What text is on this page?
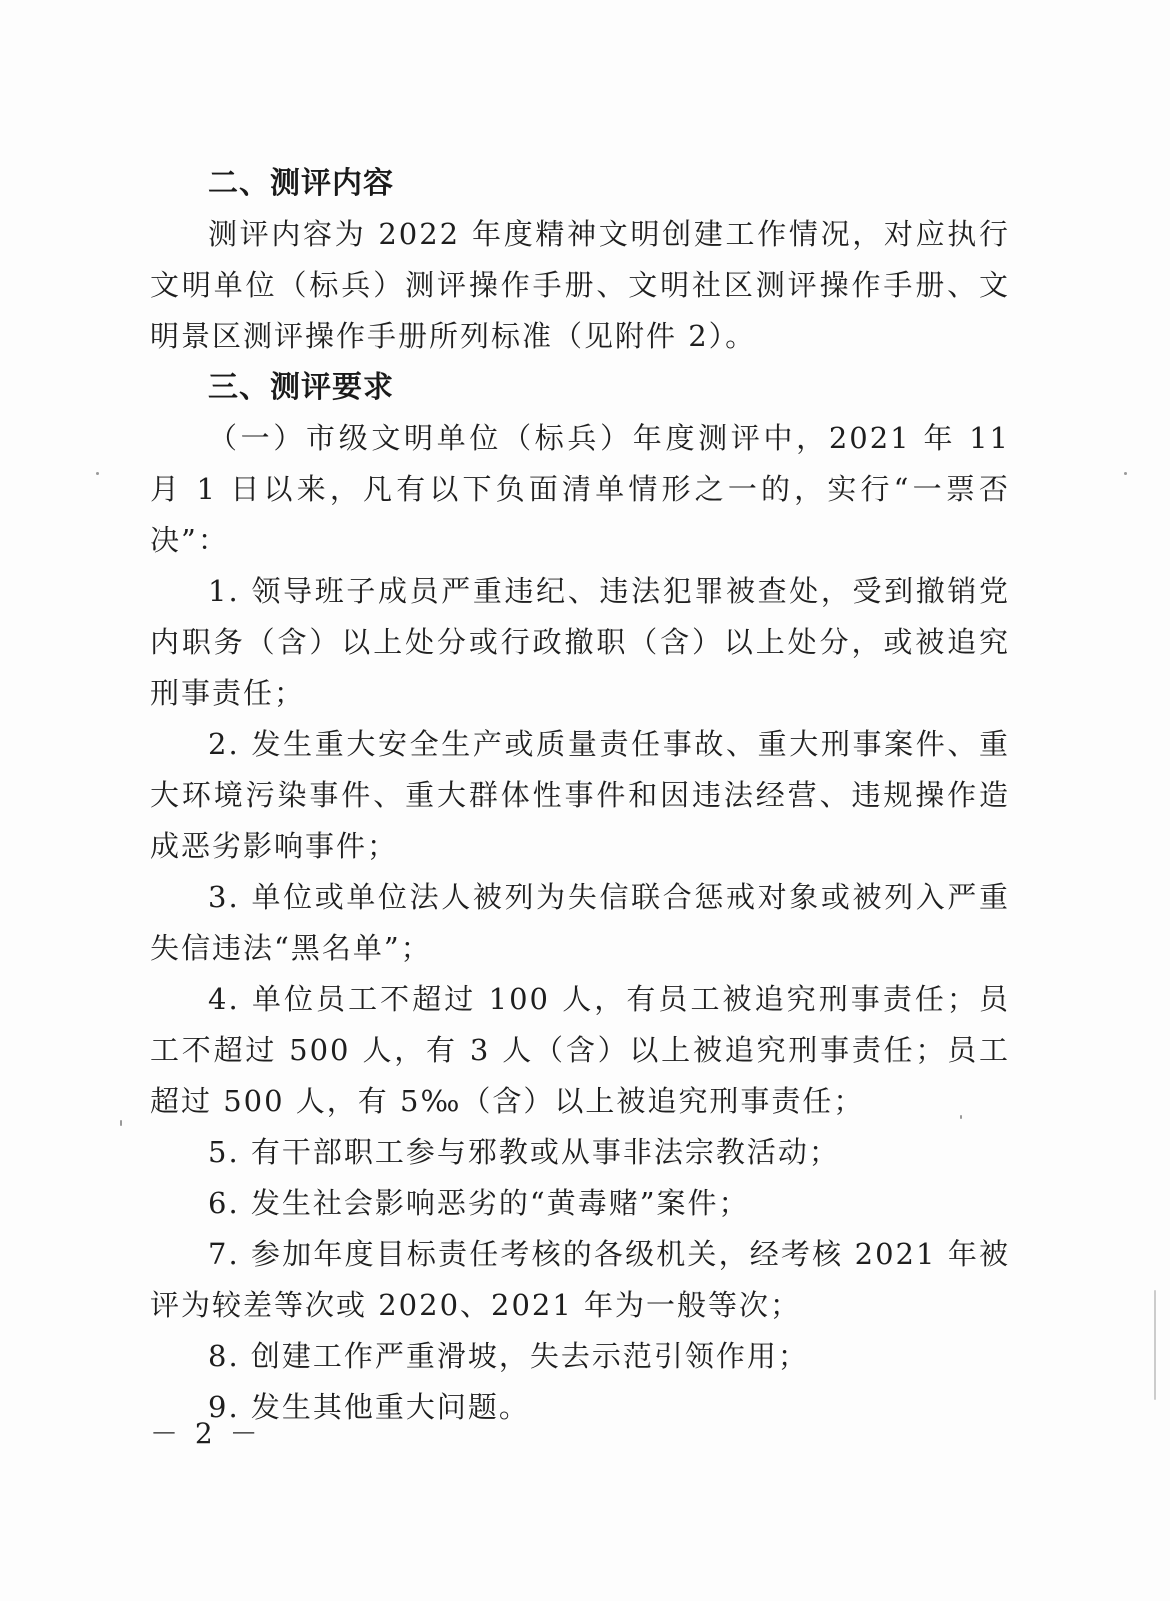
二、测评内容

测评内容为 2022 年度精神文明创建工作情况，对应执行文明单位（标兵）测评操作手册、文明社区测评操作手册、文明景区测评操作手册所列标准（见附件 2）。

三、测评要求

（一）市级文明单位（标兵）年度测评中，2021 年 11 月 1 日以来，凡有以下负面清单情形之一的，实行“一票否决”：

1. 领导班子成员严重违纪、违法犯罪被查处，受到撤销党内职务（含）以上处分或行政撤职（含）以上处分，或被追究刑事责任；

2. 发生重大安全生产或质量责任事故、重大刑事案件、重大环境污染事件、重大群体性事件和因违法经营、违规操作造成恶劣影响事件；

3. 单位或单位法人被列为失信联合惩戒对象或被列入严重失信违法“黑名单”；

4. 单位员工不超过 100 人，有员工被追究刑事责任；员工不超过 500 人，有 3 人（含）以上被追究刑事责任；员工超过 500 人，有 5‰（含）以上被追究刑事责任；

5. 有干部职工参与邪教或从事非法宗教活动；

6. 发生社会影响恶劣的“黄毒赌”案件；

7. 参加年度目标责任考核的各级机关，经考核 2021 年被评为较差等次或 2020、2021 年为一般等次；

8. 创建工作严重滑坡，失去示范引领作用；

9. 发生其他重大问题。

－ 2 －
